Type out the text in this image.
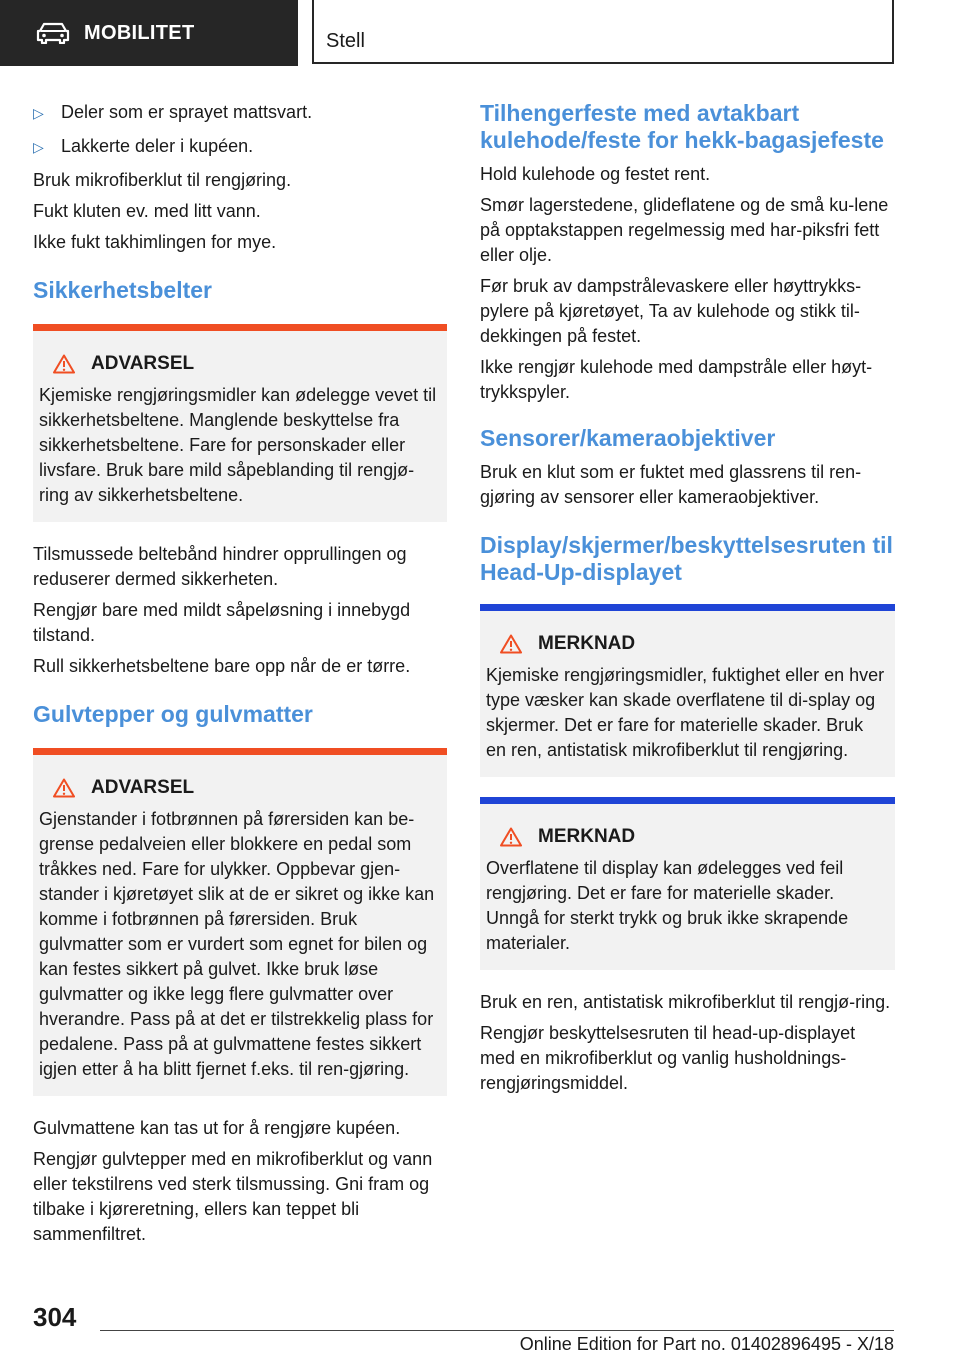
MOBILITET	Stell
▷ Deler som er sprayet mattsvart.
▷ Lakkerte deler i kupéen.

Bruk mikrofiberklut til rengjøring.

Fukt kluten ev. med litt vann.

Ikke fukt takhimlingen for mye.

Sikkerhetsbelter
ADVARSEL

Kjemiske rengjøringsmidler kan ødelegge vevet til sikkerhetsbeltene. Manglende beskyttelse fra sikkerhetsbeltene. Fare for personskader eller livsfare. Bruk bare mild såpeblanding til rengjø-ring av sikkerhetsbeltene.

Tilsmussede beltebånd hindrer opprullingen og reduserer dermed sikkerheten.

Rengjør bare med mildt såpeløsning i innebygd tilstand.

Rull sikkerhetsbeltene bare opp når de er tørre.

Gulvtepper og gulvmatter
ADVARSEL

Gjenstander i fotbrønnen på førersiden kan be-grense pedalveien eller blokkere en pedal som tråkkes ned. Fare for ulykker. Oppbevar gjen-stander i kjøretøyet slik at de er sikret og ikke kan komme i fotbrønnen på førersiden. Bruk gulvmatter som er vurdert som egnet for bilen og kan festes sikkert på gulvet. Ikke bruk løse gulvmatter og ikke legg flere gulvmatter over hverandre. Pass på at det er tilstrekkelig plass for pedalene. Pass på at gulvmattene festes sikkert igjen etter å ha blitt fjernet f.eks. til ren-gjøring.

Gulvmattene kan tas ut for å rengjøre kupéen.

Rengjør gulvtepper med en mikrofiberklut og vann eller tekstilrens ved sterk tilsmussing. Gni fram og tilbake i kjøreretning, ellers kan teppet bli sammenfiltret.

Tilhengerfeste med avtakbart kulehode/feste for hekk-bagasjefeste

Hold kulehode og festet rent.

Smør lagerstedene, glideflatene og de små ku-lene på opptakstappen regelmessig med har-piksfri fett eller olje.

Før bruk av dampstrålevaskere eller høyttrykks-pylere på kjøretøyet, Ta av kulehode og stikk til-dekkingen på festet.

Ikke rengjør kulehode med dampstråle eller høyt-trykkspyler.

Sensorer/kameraobjektiver

Bruk en klut som er fuktet med glassrens til ren-gjøring av sensorer eller kameraobjektiver.

Display/skjermer/beskyttelsesruten til Head-Up-displayet
MERKNAD

Kjemiske rengjøringsmidler, fuktighet eller en hver type væsker kan skade overflatene til di-splay og skjermer. Det er fare for materielle skader. Bruk en ren, antistatisk mikrofiberklut til rengjøring.

MERKNAD

Overflatene til display kan ødelegges ved feil rengjøring. Det er fare for materielle skader. Unngå for sterkt trykk og bruk ikke skrapende materialer.

Bruk en ren, antistatisk mikrofiberklut til rengjø-ring.

Rengjør beskyttelsesruten til head-up-displayet med en mikrofiberklut og vanlig husholdnings-rengjøringsmiddel.

304
Online Edition for Part no. 01402896495 - X/18
